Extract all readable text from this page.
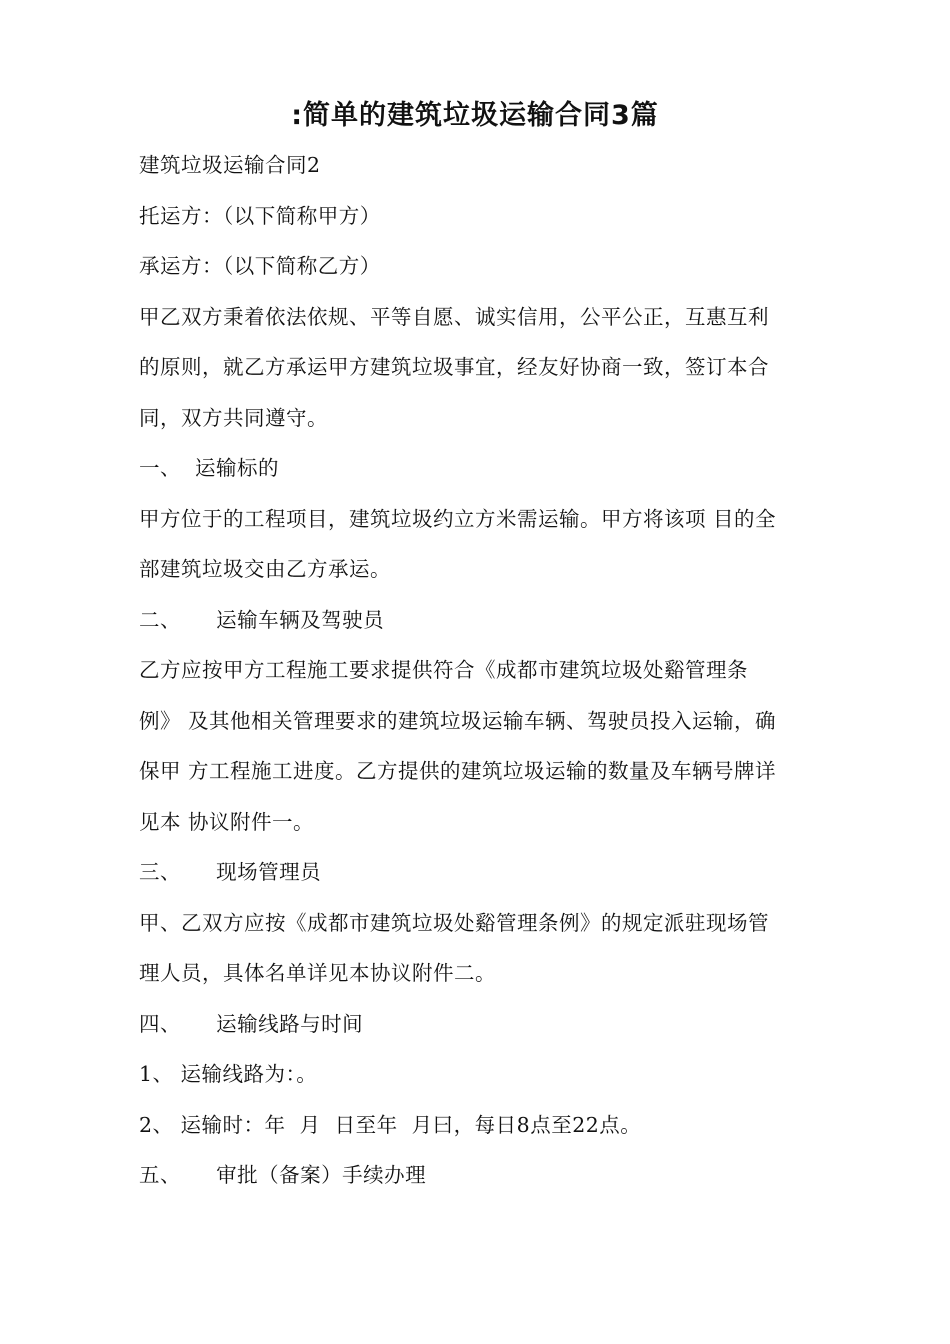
:简单的建筑垃圾运输合同3篇

建筑垃圾运输合同2

托运方：（以下简称甲方）

承运方：（以下简称乙方）

甲乙双方秉着依法依规、平等自愿、诚实信用，公平公正，互惠互利

的原则，就乙方承运甲方建筑垃圾事宜，经友好协商一致，签订本合

同，双方共同遵守。

一、  运输标的

甲方位于的工程项目，建筑垃圾约立方米需运输。甲方将该项 目的全

部建筑垃圾交由乙方承运。

二、     运输车辆及驾驶员

乙方应按甲方工程施工要求提供符合《成都市建筑垃圾处谿管理条

例》 及其他相关管理要求的建筑垃圾运输车辆、驾驶员投入运输，确

保甲 方工程施工进度。乙方提供的建筑垃圾运输的数量及车辆号牌详

见本 协议附件一。

三、     现场管理员

甲、乙双方应按《成都市建筑垃圾处谿管理条例》的规定派驻现场管

理人员，具体名单详见本协议附件二。

四、     运输线路与时间

1、 运输线路为：。

2、 运输时：年  月  日至年  月曰，每日8点至22点。

五、     审批（备案）手续办理
